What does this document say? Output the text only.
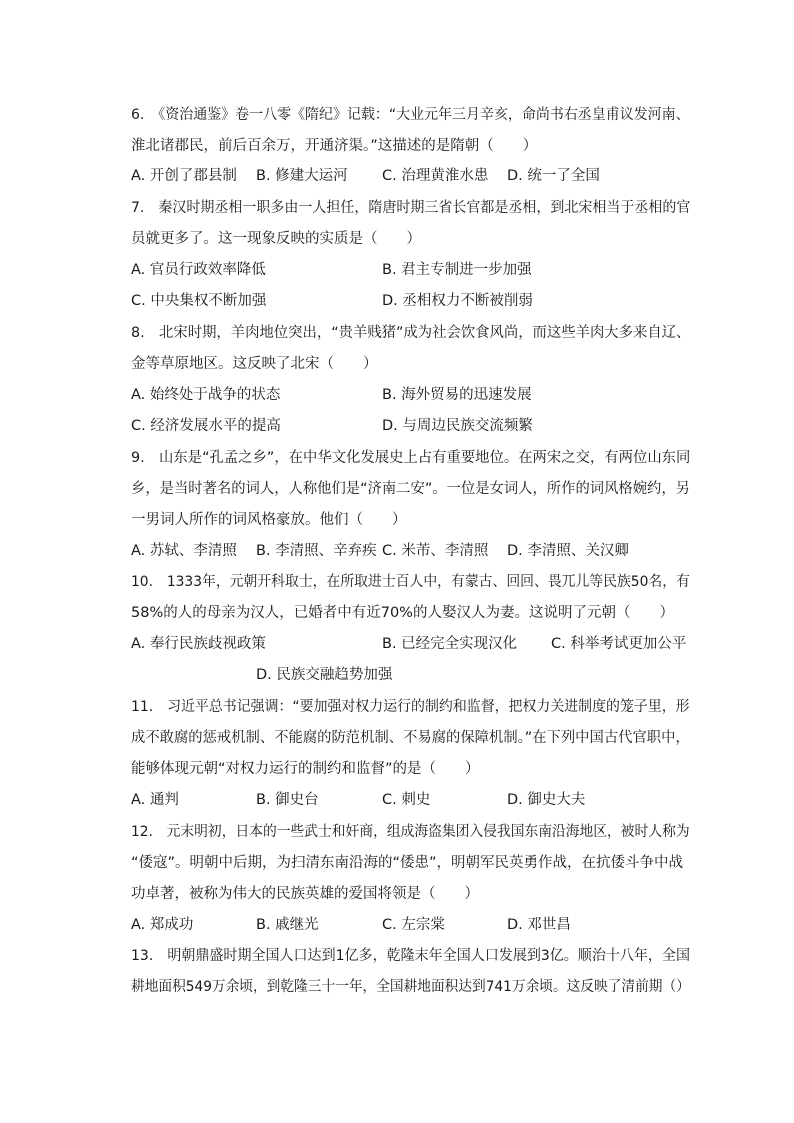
6.　《资治通鉴》卷一八零《隋纪》记载：“大业元年三月辛亥，命尚书右丞皇甫议发河南、
淮北诸郡民，前后百余万，开通济渠。”这描述的是隋朝（　　）
A. 开创了郡县制 B. 修建大运河 C. 治理黄淮水患 D. 统一了全国
7.　秦汉时期丞相一职多由一人担任，隋唐时期三省长官都是丞相，到北宋相当于丞相的官
员就更多了。这一现象反映的实质是（　　）
A. 官员行政效率降低	B. 君主专制进一步加强
C. 中央集权不断加强	D. 丞相权力不断被削弱
8.　北宋时期，羊肉地位突出，“贵羊贱猪”成为社会饮食风尚，而这些羊肉大多来自辽、
金等草原地区。这反映了北宋（　　）
A. 始终处于战争的状态	B. 海外贸易的迅速发展
C. 经济发展水平的提高	D. 与周边民族交流频繁
9.　山东是“孔孟之乡”，在中华文化发展史上占有重要地位。在两宋之交，有两位山东同
乡，是当时著名的词人，人称他们是“济南二安”。一位是女词人，所作的词风格婉约，另
一男词人所作的词风格豪放。他们（　　）
A. 苏轼、李清照 B. 李清照、辛弃疾 C. 米芾、李清照 D. 李清照、关汉卿
10.　1333年，元朝开科取士，在所取进士百人中，有蒙古、回回、畏兀儿等民族50名，有
58%的人的母亲为汉人，已婚者中有近70%的人娶汉人为妻。这说明了元朝（　　）
A. 奉行民族歧视政策	B. 已经完全实现汉化 C. 科举考试更加公平
D. 民族交融趋势加强
11.　习近平总书记强调：“要加强对权力运行的制约和监督，把权力关进制度的笼子里，形
成不敢腐的惩戒机制、不能腐的防范机制、不易腐的保障机制。”在下列中国古代官职中，
能够体现元朝“对权力运行的制约和监督”的是（　　）
A. 通判	B. 御史台	C. 刺史	D. 御史大夫
12.　元末明初，日本的一些武士和奸商，组成海盗集团入侵我国东南沿海地区，被时人称为
“倭寇”。明朝中后期，为扫清东南沿海的“倭患”，明朝军民英勇作战，在抗倭斗争中战
功卓著，被称为伟大的民族英雄的爱国将领是（　　）
A. 郑成功	B. 戚继光	C. 左宗棠	D. 邓世昌
13.　明朝鼎盛时期全国人口达到1亿多，乾隆末年全国人口发展到3亿。顺治十八年，全国
耕地面积549万余顷，到乾隆三十一年，全国耕地面积达到741万余顷。这反映了清前期（）
